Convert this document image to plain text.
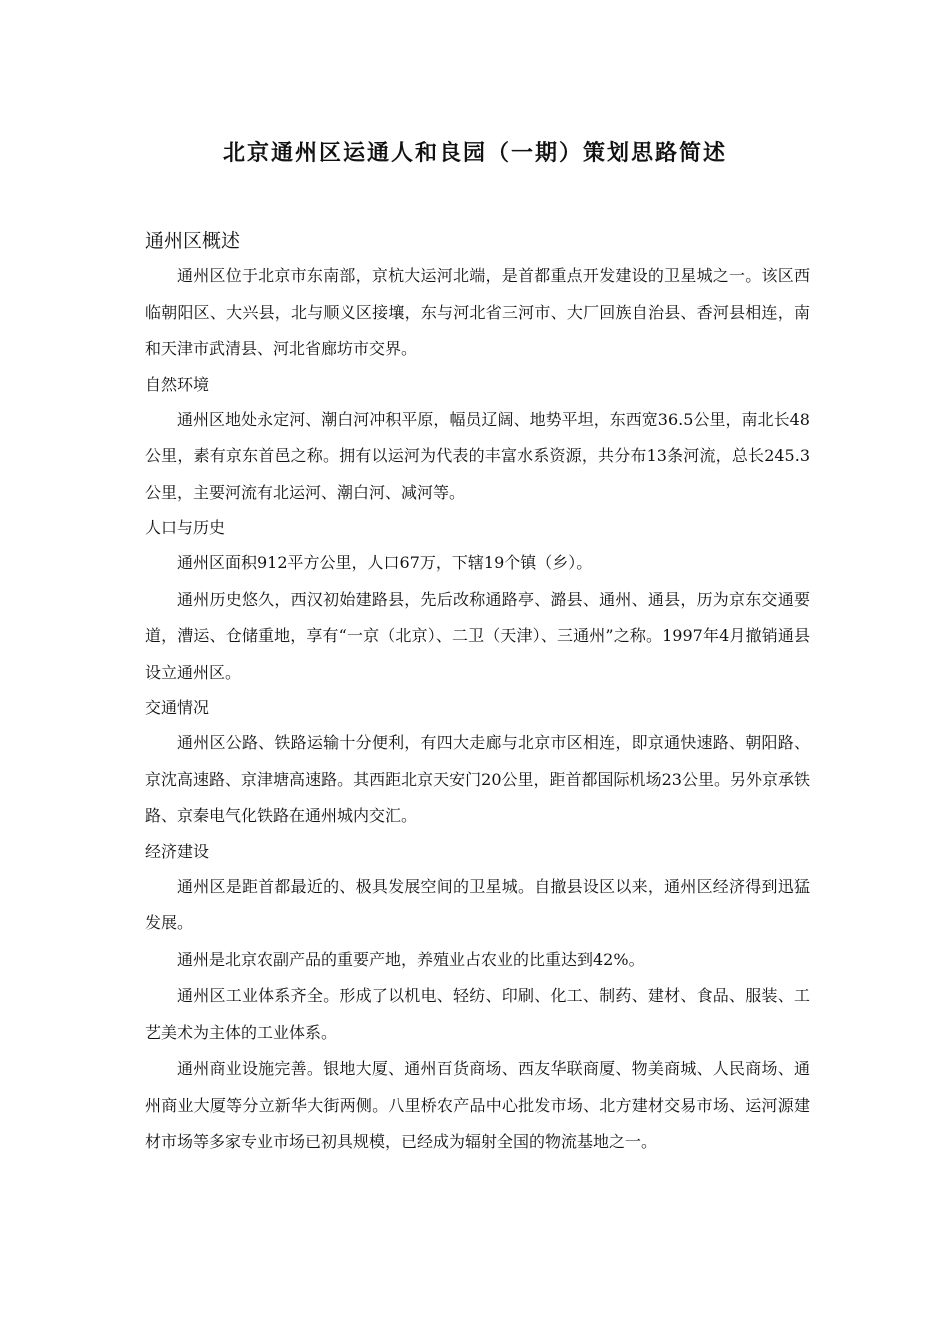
北京通州区运通人和良园（一期）策划思路简述
通州区概述

通州区位于北京市东南部，京杭大运河北端，是首都重点开发建设的卫星城之一。该区西临朝阳区、大兴县，北与顺义区接壤，东与河北省三河市、大厂回族自治县、香河县相连，南和天津市武清县、河北省廊坊市交界。

自然环境

通州区地处永定河、潮白河冲积平原，幅员辽阔、地势平坦，东西宽36.5公里，南北长48公里，素有京东首邑之称。拥有以运河为代表的丰富水系资源，共分布13条河流，总长245.3公里，主要河流有北运河、潮白河、减河等。

人口与历史

通州区面积912平方公里，人口67万，下辖19个镇（乡）。

通州历史悠久，西汉初始建路县，先后改称通路亭、潞县、通州、通县，历为京东交通要道，漕运、仓储重地，享有“一京（北京）、二卫（天津）、三通州”之称。1997年4月撤销通县设立通州区。

交通情况

通州区公路、铁路运输十分便利，有四大走廊与北京市区相连，即京通快速路、朝阳路、京沈高速路、京津塘高速路。其西距北京天安门20公里，距首都国际机场23公里。另外京承铁路、京秦电气化铁路在通州城内交汇。

经济建设

通州区是距首都最近的、极具发展空间的卫星城。自撤县设区以来，通州区经济得到迅猛发展。

通州是北京农副产品的重要产地，养殖业占农业的比重达到42%。

通州区工业体系齐全。形成了以机电、轻纺、印刷、化工、制药、建材、食品、服装、工艺美术为主体的工业体系。

通州商业设施完善。银地大厦、通州百货商场、西友华联商厦、物美商城、人民商场、通州商业大厦等分立新华大街两侧。八里桥农产品中心批发市场、北方建材交易市场、运河源建材市场等多家专业市场已初具规模，已经成为辐射全国的物流基地之一。
